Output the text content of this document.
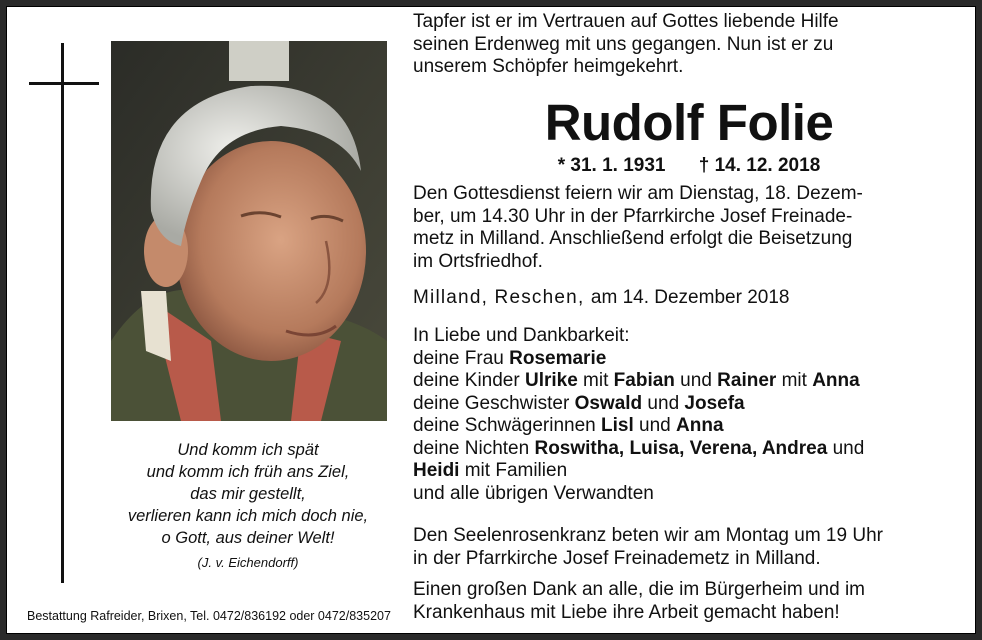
Und komm ich spät
und komm ich früh ans Ziel,
das mir gestellt,
verlieren kann ich mich doch nie,
o Gott, aus deiner Welt!
(J. v. Eichendorff)
Bestattung Rafreider, Brixen, Tel. 0472/836192 oder 0472/835207
Tapfer ist er im Vertrauen auf Gottes liebende Hilfe
seinen Erdenweg mit uns gegangen. Nun ist er zu
unserem Schöpfer heimgekehrt.
Rudolf Folie
* 31. 1. 1931 † 14. 12. 2018
Den Gottesdienst feiern wir am Dienstag, 18. Dezem-
ber, um 14.30 Uhr in der Pfarrkirche Josef Freinade-
metz in Milland. Anschließend erfolgt die Beisetzung
im Ortsfriedhof.
Milland, Reschen, am 14. Dezember 2018
In Liebe und Dankbarkeit:
deine Frau Rosemarie
deine Kinder Ulrike mit Fabian und Rainer mit Anna
deine Geschwister Oswald und Josefa
deine Schwägerinnen Lisl und Anna
deine Nichten Roswitha, Luisa, Verena, Andrea und
Heidi mit Familien
und alle übrigen Verwandten
Den Seelenrosenkranz beten wir am Montag um 19 Uhr
in der Pfarrkirche Josef Freinademetz in Milland.
Einen großen Dank an alle, die im Bürgerheim und im
Krankenhaus mit Liebe ihre Arbeit gemacht haben!
